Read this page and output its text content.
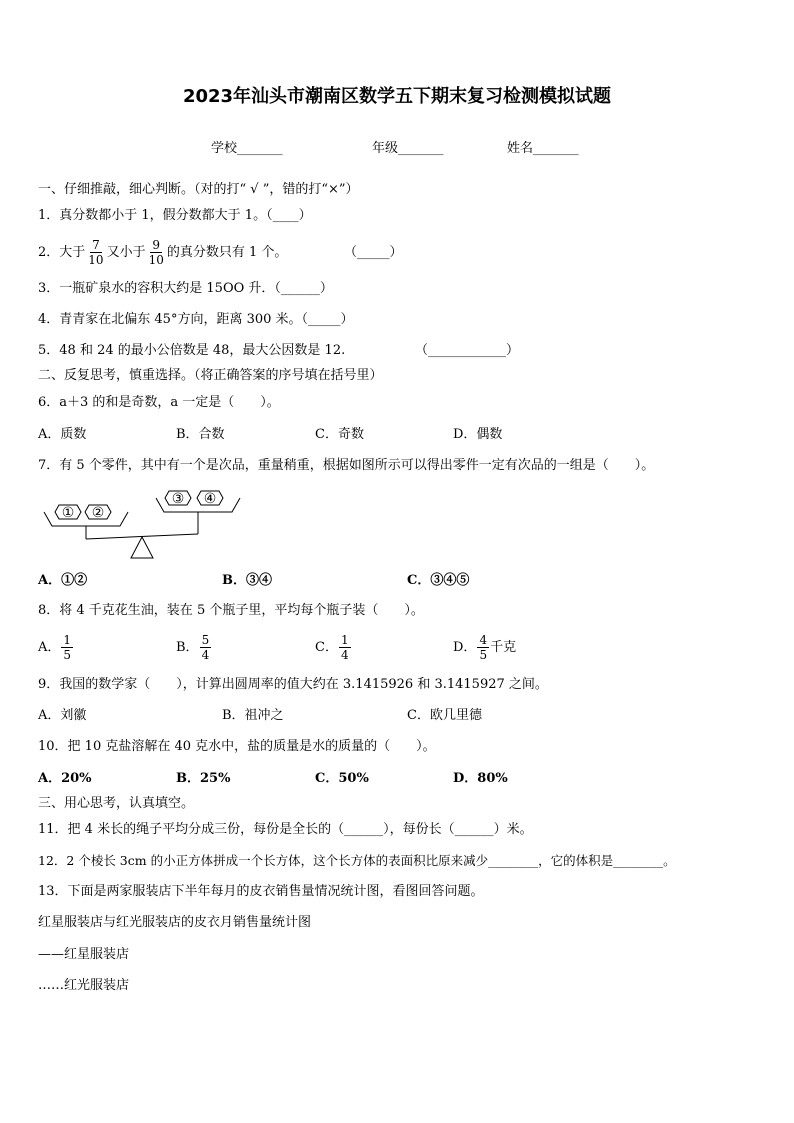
2023年汕头市潮南区数学五下期末复习检测模拟试题
学校_______	年级_______	姓名_______
一、仔细推敲，细心判断。（对的打“ √ ”，错的打“×”）
1．真分数都小于 1，假分数都大于 1。（____）
2．大于 $\frac{7}{10}$ 又小于 $\frac{9}{10}$ 的真分数只有 1 个。	（_____）
3．一瓶矿泉水的容积大约是 15OO 升．（______）
4．青青家在北偏东 45°方向，距离 300 米。（_____）
5．48 和 24 的最小公倍数是 48，最大公因数是 12.	（____________）
二、反复思考，慎重选择。（将正确答案的序号填在括号里）
6．a＋3 的和是奇数，a 一定是（　　）。
A．质数	B．合数	C．奇数	D．偶数
7．有 5 个零件，其中有一个是次品，重量稍重，根据如图所示可以得出零件一定有次品的一组是（　　）。
① ②
③ ④
A．①②	B．③④	C．③④⑤
8．将 4 千克花生油，装在 5 个瓶子里，平均每个瓶子装（　　）。
A． $\frac{1}{5}$	B． $\frac{5}{4}$	C． $\frac{1}{4}$	D． $\frac{4}{5}$ 千克
9．我国的数学家（　　），计算出圆周率的值大约在 3.1415926 和 3.1415927 之间。
A．刘徽	B．祖冲之	C．欧几里德
10．把 10 克盐溶解在 40 克水中，盐的质量是水的质量的（　　）。
A．20%	B．25%	C．50%	D．80%
三、用心思考，认真填空。
11．把 4 米长的绳子平均分成三份，每份是全长的（______），每份长（______）米。
12．2 个棱长 3cm 的小正方体拼成一个长方体，这个长方体的表面积比原来减少________，它的体积是________。
13．下面是两家服装店下半年每月的皮衣销售量情况统计图，看图回答问题。
红星服装店与红光服装店的皮衣月销售量统计图
——红星服装店
……红光服装店
